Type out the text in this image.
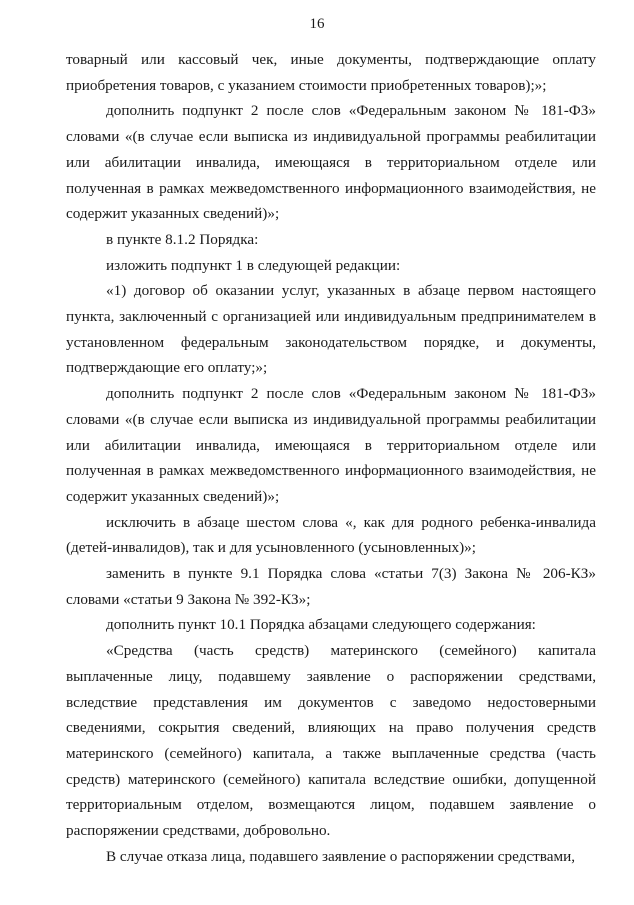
16

товарный или кассовый чек, иные документы, подтверждающие оплату приобретения товаров, с указанием стоимости приобретенных товаров);»;

дополнить подпункт 2 после слов «Федеральным законом № 181-ФЗ» словами «(в случае если выписка из индивидуальной программы реабилитации или абилитации инвалида, имеющаяся в территориальном отделе или полученная в рамках межведомственного информационного взаимодействия, не содержит указанных сведений)»;

в пункте 8.1.2 Порядка:

изложить подпункт 1 в следующей редакции:

«1) договор об оказании услуг, указанных в абзаце первом настоящего пункта, заключенный с организацией или индивидуальным предпринимателем в установленном федеральным законодательством порядке, и документы, подтверждающие его оплату;»;

дополнить подпункт 2 после слов «Федеральным законом № 181-ФЗ» словами «(в случае если выписка из индивидуальной программы реабилитации или абилитации инвалида, имеющаяся в территориальном отделе или полученная в рамках межведомственного информационного взаимодействия, не содержит указанных сведений)»;

исключить в абзаце шестом слова «, как для родного ребенка-инвалида (детей-инвалидов), так и для усыновленного (усыновленных)»;

заменить в пункте 9.1 Порядка слова «статьи 7(3) Закона № 206-КЗ» словами «статьи 9 Закона № 392-КЗ»;

дополнить пункт 10.1 Порядка абзацами следующего содержания:

«Средства (часть средств) материнского (семейного) капитала выплаченные лицу, подавшему заявление о распоряжении средствами, вследствие представления им документов с заведомо недостоверными сведениями, сокрытия сведений, влияющих на право получения средств материнского (семейного) капитала, а также выплаченные средства (часть средств) материнского (семейного) капитала вследствие ошибки, допущенной территориальным отделом, возмещаются лицом, подавшем заявление о распоряжении средствами, добровольно.

В случае отказа лица, подавшего заявление о распоряжении средствами,
